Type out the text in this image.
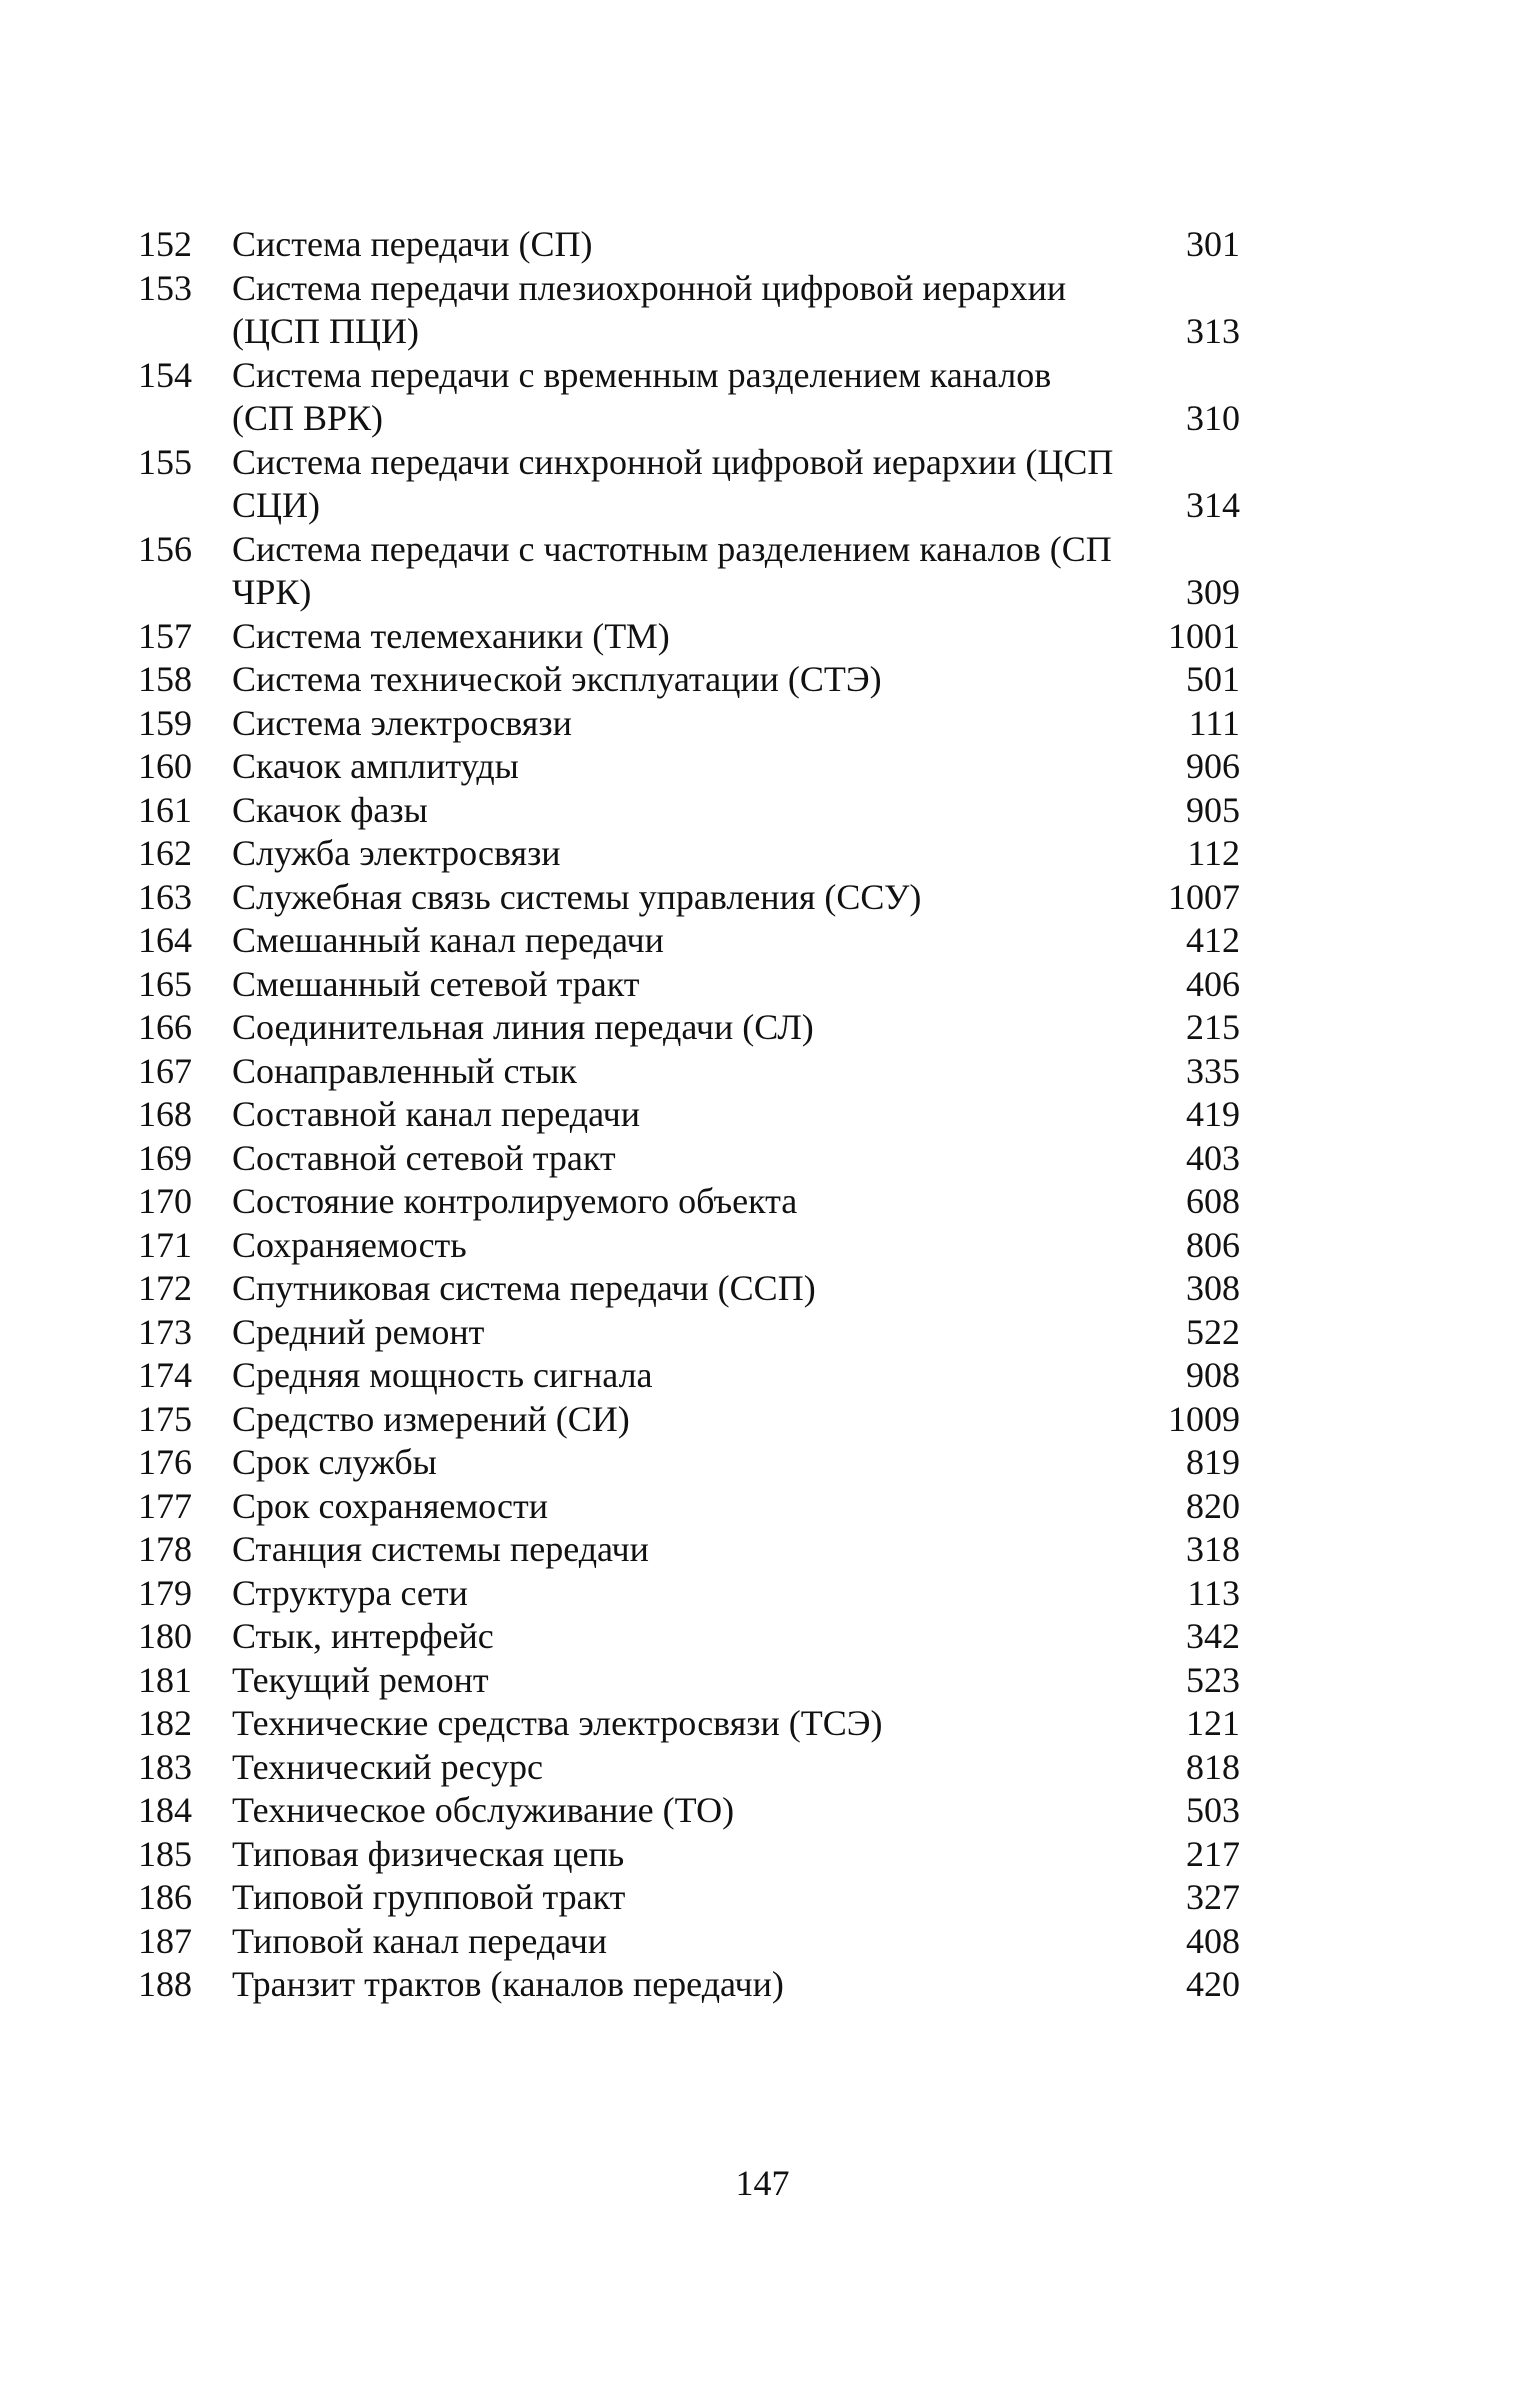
152	Система передачи (СП)	301
153	Система передачи плезиохронной цифровой иерархии (ЦСП ПЦИ)	313
154	Система передачи с временным разделением каналов (СП ВРК)	310
155	Система передачи синхронной цифровой иерархии (ЦСП СЦИ)	314
156	Система передачи с частотным разделением каналов (СП ЧРК)	309
157	Система телемеханики (ТМ)	1001
158	Система технической эксплуатации (СТЭ)	501
159	Система электросвязи	111
160	Скачок амплитуды	906
161	Скачок фазы	905
162	Служба электросвязи	112
163	Служебная связь системы управления (ССУ)	1007
164	Смешанный канал передачи	412
165	Смешанный сетевой тракт	406
166	Соединительная линия передачи (СЛ)	215
167	Сонаправленный стык	335
168	Составной канал передачи	419
169	Составной сетевой тракт	403
170	Состояние контролируемого объекта	608
171	Сохраняемость	806
172	Спутниковая система передачи (ССП)	308
173	Средний ремонт	522
174	Средняя мощность сигнала	908
175	Средство измерений (СИ)	1009
176	Срок службы	819
177	Срок сохраняемости	820
178	Станция системы передачи	318
179	Структура сети	113
180	Стык, интерфейс	342
181	Текущий ремонт	523
182	Технические средства электросвязи (ТСЭ)	121
183	Технический ресурс	818
184	Техническое обслуживание (ТО)	503
185	Типовая физическая цепь	217
186	Типовой групповой тракт	327
187	Типовой канал передачи	408
188	Транзит трактов (каналов передачи)	420
147
